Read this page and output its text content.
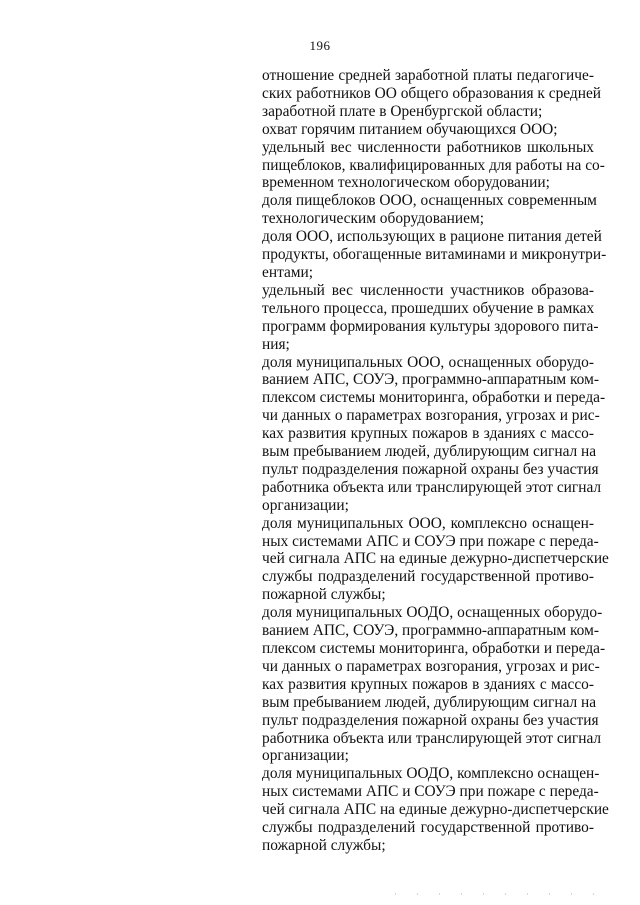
196
отношение средней заработной платы педагогиче-
ских работников ОО общего образования к средней
заработной плате в Оренбургской области;
охват горячим питанием обучающихся ООО;
удельный вес численности работников школьных
пищеблоков, квалифицированных для работы на со-
временном технологическом оборудовании;
доля пищеблоков ООО, оснащенных современным
технологическим оборудованием;
доля ООО, использующих в рационе питания детей
продукты, обогащенные витаминами и микронутри-
ентами;
удельный вес численности участников образова-
тельного процесса, прошедших обучение в рамках
программ формирования культуры здорового пита-
ния;
доля муниципальных ООО, оснащенных оборудо-
ванием АПС, СОУЭ, программно-аппаратным ком-
плексом системы мониторинга, обработки и переда-
чи данных о параметрах возгорания, угрозах и рис-
ках развития крупных пожаров в зданиях с массо-
вым пребыванием людей, дублирующим сигнал на
пульт подразделения пожарной охраны без участия
работника объекта или транслирующей этот сигнал
организации;
доля муниципальных ООО, комплексно оснащен-
ных системами АПС и СОУЭ при пожаре с переда-
чей сигнала АПС на единые дежурно-диспетчерские
службы подразделений государственной противо-
пожарной службы;
доля муниципальных ООДО, оснащенных оборудо-
ванием АПС, СОУЭ, программно-аппаратным ком-
плексом системы мониторинга, обработки и переда-
чи данных о параметрах возгорания, угрозах и рис-
ках развития крупных пожаров в зданиях с массо-
вым пребыванием людей, дублирующим сигнал на
пульт подразделения пожарной охраны без участия
работника объекта или транслирующей этот сигнал
организации;
доля муниципальных ООДО, комплексно оснащен-
ных системами АПС и СОУЭ при пожаре с переда-
чей сигнала АПС на единые дежурно-диспетчерские
службы подразделений государственной противо-
пожарной службы;
